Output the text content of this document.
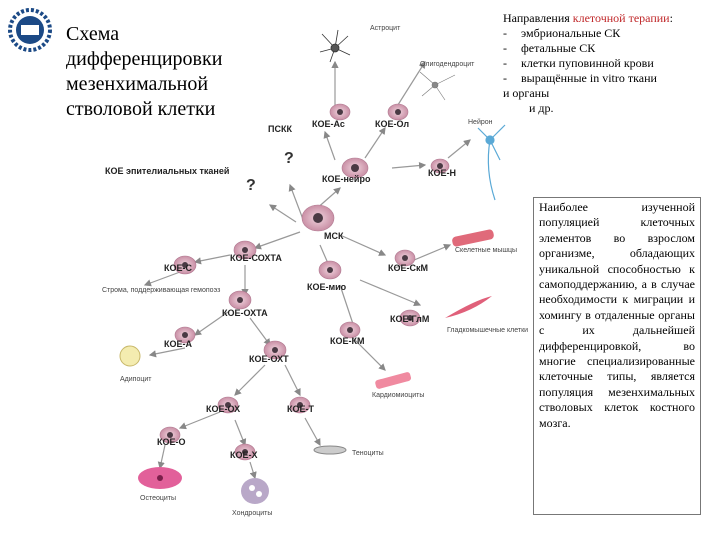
Схема дифференцировки мезенхимальной стволовой клетки
Направления клеточной терапии:
- эмбриональные СК
- фетальные СК
- клетки пуповинной крови
- выращённые in vitro ткани
и органы
и др.
Наиболее изученной популяцией клеточных элементов во взрослом организме, обладающих уникальной способностью к самоподдержанию, а в случае необходимости к миграции и хомингу в отдаленные органы с их дальнейшей дифференцировкой, во многие специализированные клеточные типы, является популяция мезенхимальных стволовых клеток костного мозга.
МСК
КОЕ-нейро
КОЕ-Ас	КОЕ-Ол
КОЕ-Н
ПСКК
КОЕ эпителиальных тканей
?
?
КОЕ-СОХТА
КОЕ-С
КОЕ-ОХТА
КОЕ-А
КОЕ-ОХТ
КОЕ-ОХ	КОЕ-Т
КОЕ-О
КОЕ-Х
КОЕ-мио
КОЕ-СкМ
КОЕ-ГлМ
КОЕ-КМ
Астроцит
Олигодендроцит
Нейрон
Строма, поддерживающая гемопоэз
Адипоцит
Скелетные мышцы
Гладкомышечные клетки
Кардиомиоциты
Теноциты
Остеоциты
Хондроциты
